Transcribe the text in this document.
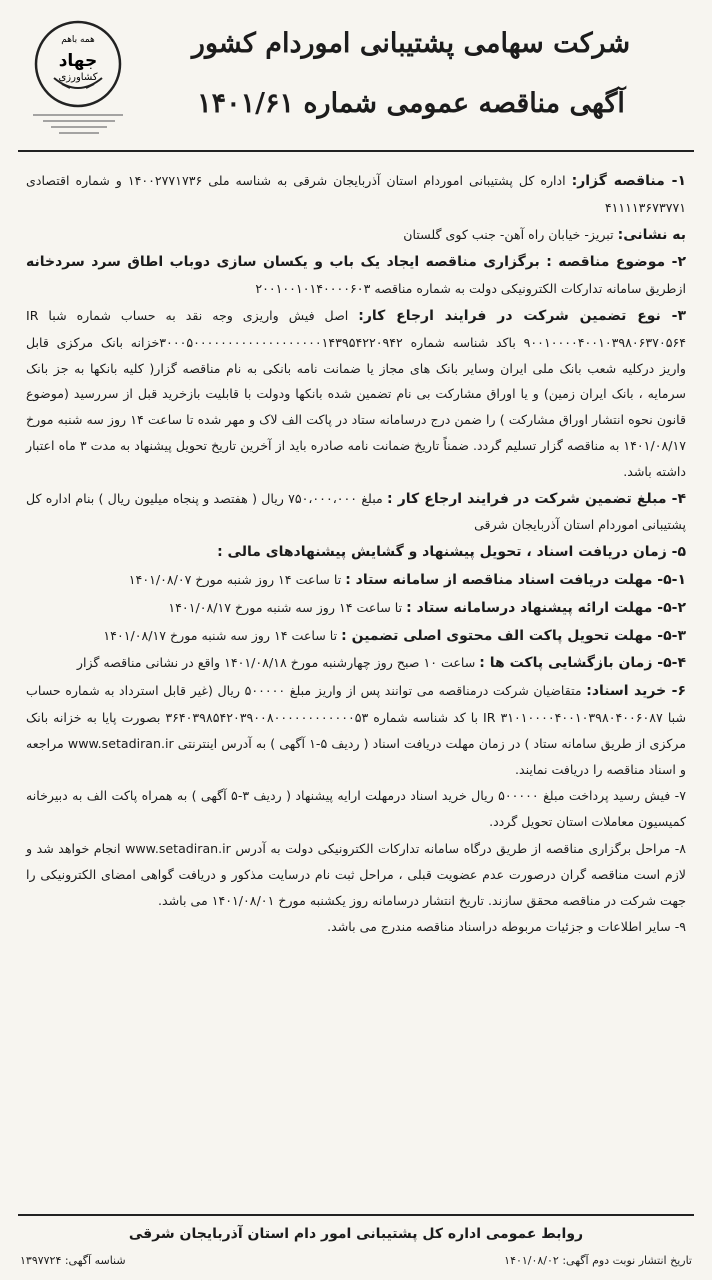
همه باهم
جهاد
کشاورزی
شرکت سهامی پشتیبانی اموردام کشور
آگهی مناقصه عمومی شماره ۱۴۰۱/۶۱

۱- مناقصه گزار: اداره کل پشتیبانی اموردام استان آذربایجان شرقی به شناسه ملی ۱۴۰۰۲۷۷۱۷۳۶ و شماره اقتصادی ۴۱۱۱۱۳۶۷۳۷۷۱

به نشانی: تبریز- خیابان راه آهن- جنب کوی گلستان

۲- موضوع مناقصه : برگزاری مناقصه ایجاد یک باب و یکسان سازی دوباب اطاق سرد سردخانه ازطریق سامانه تدارکات الکترونیکی دولت به شماره مناقصه ۲۰۰۱۰۰۱۰۱۴۰۰۰۰۶۰۳

۳- نوع تضمین شرکت در فرایند ارجاع کار: اصل فیش واریزی وجه نقد به حساب شماره شبا IR ۹۰۰۱۰۰۰۰۴۰۰۱۰۳۹۸۰۶۳۷۰۵۶۴ باکد شناسه شماره ۳۰۰۰۵۰۰۰۰۰۰۰۰۰۰۰۰۰۰۰۰۰۰۰۱۴۳۹۵۴۲۲۰۹۴۲خزانه بانک مرکزی قابل واریز درکلیه شعب بانک ملی ایران وسایر بانک های مجاز یا ضمانت نامه بانکی به نام مناقصه گزار( کلیه بانکها به جز بانک سرمایه ، بانک ایران زمین) و یا اوراق مشارکت بی نام تضمین شده بانکها ودولت با قابلیت بازخرید قبل از سررسید (موضوع قانون نحوه انتشار اوراق مشارکت ) را ضمن درج درسامانه ستاد در پاکت الف لاک و مهر شده تا ساعت ۱۴ روز سه شنبه مورخ ۱۴۰۱/۰۸/۱۷ به مناقصه گزار تسلیم گردد. ضمناً تاریخ ضمانت نامه صادره باید از آخرین تاریخ تحویل پیشنهاد به مدت ۳ ماه اعتبار داشته باشد.

۴- مبلغ تضمین شرکت در فرایند ارجاع کار : مبلغ ۷۵۰،۰۰۰،۰۰۰ ریال ( هفتصد و پنجاه میلیون ریال ) بنام اداره کل پشتیبانی اموردام استان آذربایجان شرقی

۵- زمان دریافت اسناد ، تحویل پیشنهاد و گشایش پیشنهادهای مالی :

۵-۱- مهلت دریافت اسناد مناقصه از سامانه ستاد : تا ساعت ۱۴ روز شنبه مورخ ۱۴۰۱/۰۸/۰۷

۵-۲- مهلت ارائه پیشنهاد درسامانه ستاد : تا ساعت ۱۴ روز سه شنبه مورخ ۱۴۰۱/۰۸/۱۷

۵-۳- مهلت تحویل پاکت الف محتوی اصلی تضمین : تا ساعت ۱۴ روز سه شنبه مورخ ۱۴۰۱/۰۸/۱۷

۵-۴- زمان بازگشایی پاکت ها : ساعت ۱۰ صبح روز چهارشنبه مورخ ۱۴۰۱/۰۸/۱۸ واقع در نشانی مناقصه گزار

۶- خرید اسناد: متقاضیان شرکت درمناقصه می توانند پس از واریز مبلغ ۵۰۰۰۰۰ ریال (غیر قابل استرداد به شماره حساب شبا IR ۳۱۰۱۰۰۰۰۴۰۰۱۰۳۹۸۰۴۰۰۶۰۸۷ با کد شناسه شماره ۳۶۴۰۳۹۸۵۴۲۰۳۹۰۰۸۰۰۰۰۰۰۰۰۰۰۰۰۵۳ بصورت پایا به خزانه بانک مرکزی از طریق سامانه ستاد ) در زمان مهلت دریافت اسناد ( ردیف ۵-۱ آگهی ) به آدرس اینترنتی www.setadiran.ir مراجعه و اسناد مناقصه را دریافت نمایند.

۷- فیش رسید پرداخت مبلغ ۵۰۰۰۰۰ ریال خرید اسناد درمهلت ارایه پیشنهاد ( ردیف ۳-۵ آگهی ) به همراه پاکت الف به دبیرخانه کمیسیون معاملات استان تحویل گردد.

۸- مراحل برگزاری مناقصه از طریق درگاه سامانه تدارکات الکترونیکی دولت به آدرس www.setadiran.ir انجام خواهد شد و لازم است مناقصه گران درصورت عدم عضویت قبلی ، مراحل ثبت نام درسایت مذکور و دریافت گواهی امضای الکترونیکی را جهت شرکت در مناقصه محقق سازند. تاریخ انتشار درسامانه روز یکشنبه مورخ ۱۴۰۱/۰۸/۰۱ می باشد.

۹- سایر اطلاعات و جزئیات مربوطه دراسناد مناقصه مندرج می باشد.

روابط عمومی اداره کل پشتیبانی امور دام استان آذربایجان شرقی
تاریخ انتشار نوبت دوم آگهی: ۱۴۰۱/۰۸/۰۲
شناسه آگهی: ۱۳۹۷۷۲۴
